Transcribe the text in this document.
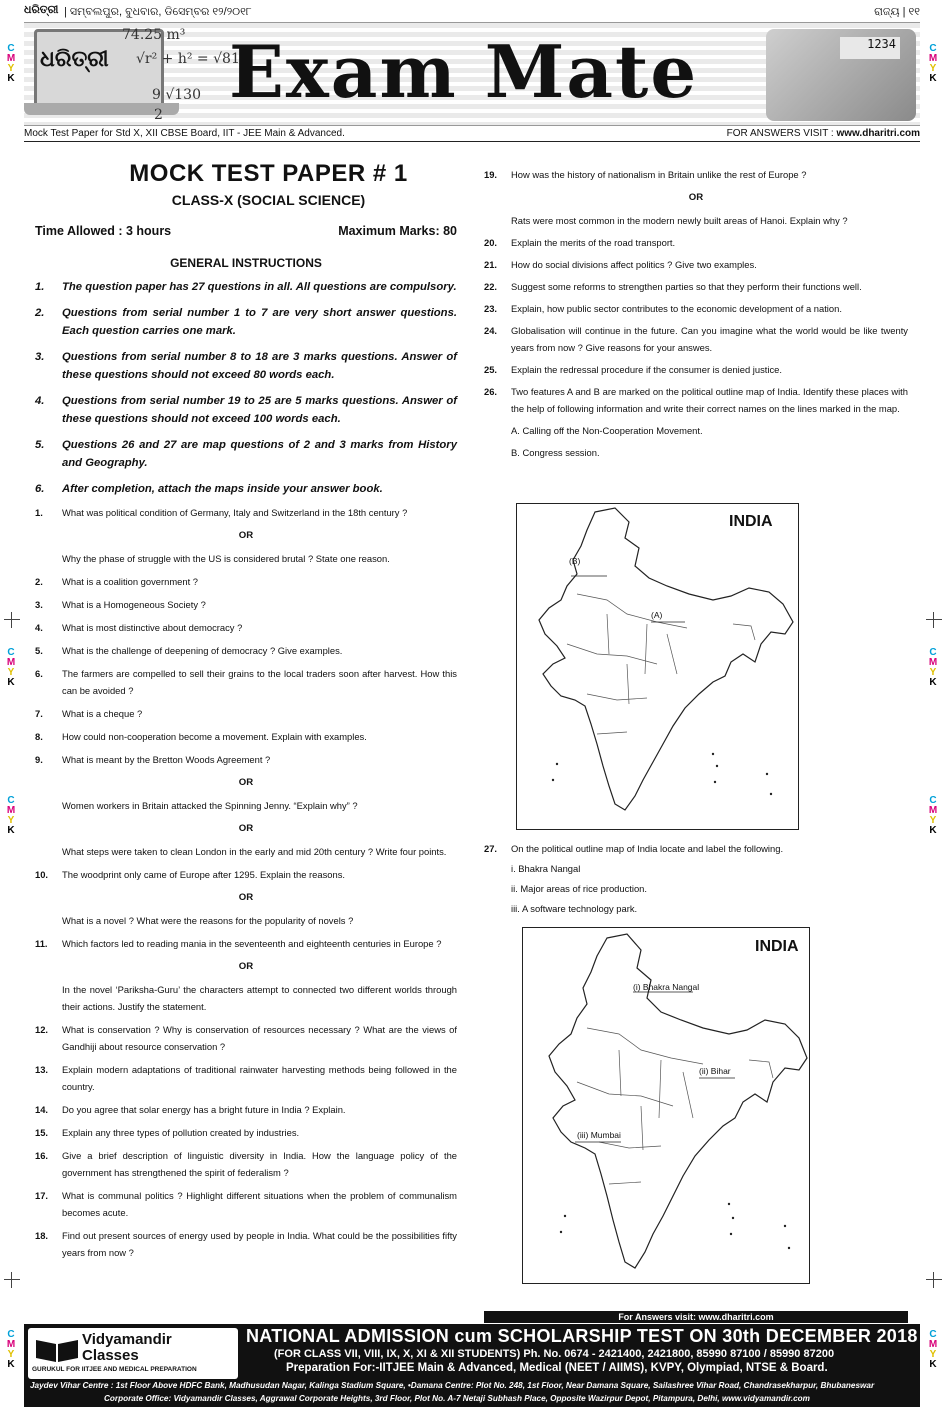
ଧରିତ୍ରୀ | ସମ୍ବଲପୁର, ବୁଧବାର, ଡିସେମ୍ବର ୧୨/୨୦୧୮	ରାଜ୍ୟ | ୧୧
ଧରିତ୍ରୀ
74.25 m³
√r² + h² = √81
9 √130
2
Exam Mate	1234
Mock Test Paper for Std X, XII CBSE Board, IIT - JEE Main & Advanced.	FOR ANSWERS VISIT : www.dharitri.com
C
M
Y
K
C
M
Y
K
C
M
Y
K
C
M
Y
K
C
M
Y
K
C
M
Y
K
C
M
Y
K
C
M
Y
K
MOCK TEST PAPER # 1
CLASS-X (SOCIAL SCIENCE)
Time Allowed : 3 hours	Maximum Marks: 80
GENERAL INSTRUCTIONS
1. The question paper has 27 questions in all. All questions are compulsory.
2. Questions from serial number 1 to 7 are very short answer questions. Each question carries one mark.
3. Questions from serial number 8 to 18 are 3 marks questions. Answer of these questions should not exceed 80 words each.
4. Questions from serial number 19 to 25 are 5 marks questions. Answer of these questions should not exceed 100 words each.
5. Questions 26 and 27 are map questions of 2 and 3 marks from History and Geography.
6. After completion, attach the maps inside your answer book.
1. What was political condition of Germany, Italy and Switzerland in the 18th century ?
OR
Why the phase of struggle with the US is considered brutal ? State one reason.
2. What is a coalition government ?
3. What is a Homogeneous Society ?
4. What is most distinctive about democracy ?
5. What is the challenge of deepening of democracy ? Give examples.
6. The farmers are compelled to sell their grains to the local traders soon after harvest. How this can be avoided ?
7. What is a cheque ?
8. How could non-cooperation become a movement. Explain with examples.
9. What is meant by the Bretton Woods Agreement ?
OR
Women workers in Britain attacked the Spinning Jenny. “Explain why” ?
OR
What steps were taken to clean London in the early and mid 20th century ? Write four points.
10. The woodprint only came of Europe after 1295. Explain the reasons.
OR
What is a novel ? What were the reasons for the popularity of novels ?
11. Which factors led to reading mania in the seventeenth and eighteenth centuries in Europe ?
OR
In the novel ‘Pariksha-Guru’ the characters attempt to connected two different worlds through their actions. Justify the statement.
12. What is conservation ? Why is conservation of resources necessary ? What are the views of Gandhiji about resource conservation ?
13. Explain modern adaptations of traditional rainwater harvesting methods being followed in the country.
14. Do you agree that solar energy has a bright future in India ? Explain.
15. Explain any three types of pollution created by industries.
16. Give a brief description of linguistic diversity in India. How the language policy of the government has strengthened the spirit of federalism ?
17. What is communal politics ? Highlight different situations when the problem of communalism becomes acute.
18. Find out present sources of energy used by people in India. What could be the possibilities fifty years from now ?
19. How was the history of nationalism in Britain unlike the rest of Europe ?
OR
Rats were most common in the modern newly built areas of Hanoi. Explain why ?
20. Explain the merits of the road transport.
21. How do social divisions affect politics ? Give two examples.
22. Suggest some reforms to strengthen parties so that they perform their functions well.
23. Explain, how public sector contributes to the economic development of a nation.
24. Globalisation will continue in the future. Can you imagine what the world would be like twenty years from now ? Give reasons for your answes.
25. Explain the redressal procedure if the consumer is denied justice.
26. Two features A and B are marked on the political outline map of India. Identify these places with the help of following information and write their correct names on the lines marked in the map.
A. Calling off the Non-Cooperation Movement.
B. Congress session.
INDIA
(B)
(A)
27. On the political outline map of India locate and label the following.
i. Bhakra Nangal
ii. Major areas of rice production.
iii. A software technology park.
INDIA
(i) Bhakra Nangal
(ii) Bihar
(iii) Mumbai
For Answers visit: www.dharitri.com
Vidyamandir
Classes
GURUKUL FOR IITJEE AND MEDICAL PREPARATION
NATIONAL ADMISSION cum SCHOLARSHIP TEST ON 30th DECEMBER 2018
(FOR CLASS VII, VIII, IX, X, XI & XII STUDENTS) Ph. No. 0674 - 2421400, 2421800, 85990 87100 / 85990 87200
Preparation For:-IITJEE Main & Advanced, Medical (NEET / AIIMS), KVPY, Olympiad, NTSE & Board.
Jaydev Vihar Centre : 1st Floor Above HDFC Bank, Madhusudan Nagar, Kalinga Stadium Square, •Damana Centre: Plot No. 248, 1st Floor, Near Damana Square, Sailashree Vihar Road, Chandrasekharpur, Bhubaneswar
Corporate Office: Vidyamandir Classes, Aggrawal Corporate Heights, 3rd Floor, Plot No. A-7 Netaji Subhash Place, Opposite Wazirpur Depot, Pitampura, Delhi, www.vidyamandir.com
